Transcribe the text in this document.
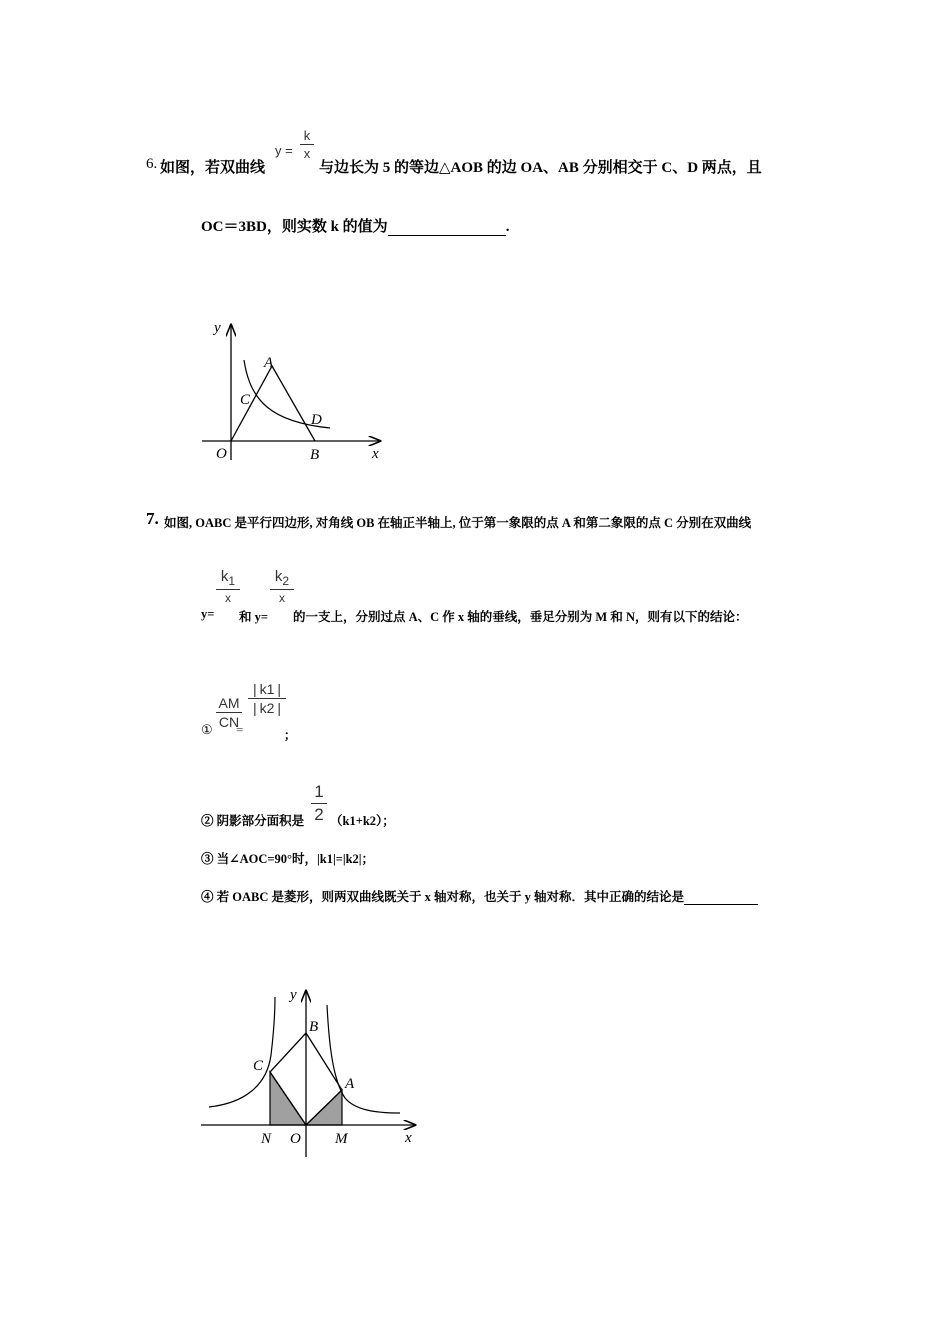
6. 如图，若双曲线
y =
k
x
与边长为 5 的等边△AOB 的边 OA、AB 分别相交于 C、D 两点，且
OC＝3BD，则实数 k 的值为	.
y
x
O
A
B
C
D
7. 如图, OABC 是平行四边形, 对角线 OB 在轴正半轴上, 位于第一象限的点 A 和第二象限的点 C 分别在双曲线
$k_1$
x
$k_2$
x
y= 和 y= 的一支上，分别过点 A、C 作 x 轴的垂线，垂足分别为 M 和 N，则有以下的结论：
AM
CN
| k1 |
| k2 |
① =	；
② 阴影部分面积是
1
2 （k1+k2）；
③ 当∠AOC=90°时，|k1|=|k2|；
④ 若 OABC 是菱形，则两双曲线既关于 x 轴对称，也关于 y 轴对称．其中正确的结论是
y
x
O
B
C
A
N	M
